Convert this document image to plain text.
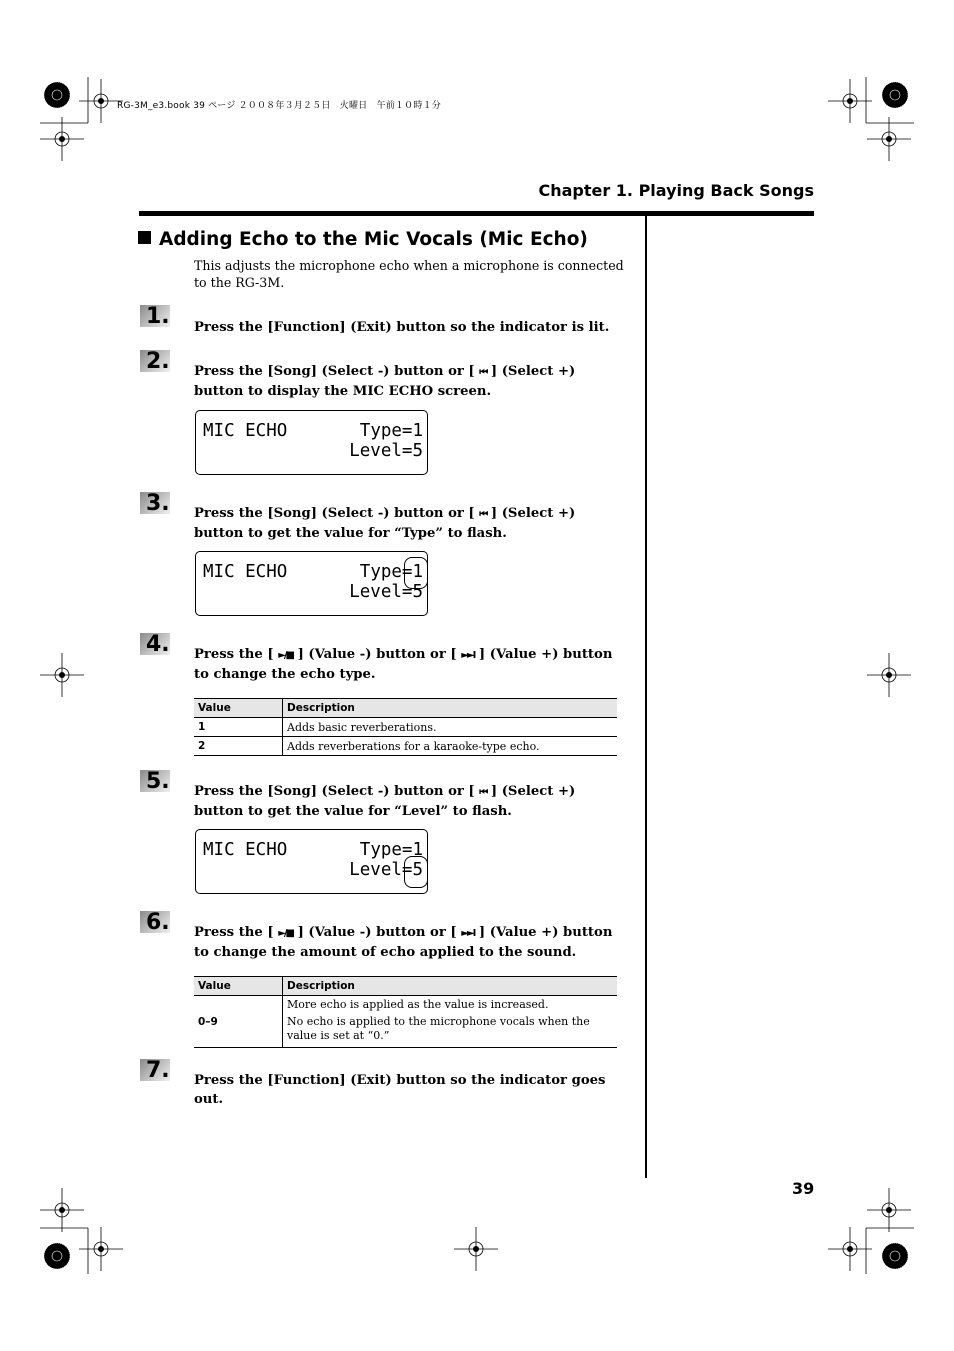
RG-3M_e3.book 39 ページ ２００８年３月２５日　火曜日　午前１０時１分
Chapter 1. Playing Back Songs
Adding Echo to the Mic Vocals (Mic Echo)
This adjusts the microphone echo when a microphone is connected to the RG-3M.
1. Press the [Function] (Exit) button so the indicator is lit.
2. Press the [Song] (Select -) button or [ ⏮ ] (Select +) button to display the MIC ECHO screen.
MIC ECHO	Type=1
Level=5
3. Press the [Song] (Select -) button or [ ⏮ ] (Select +) button to get the value for “Type” to flash.
MIC ECHO	Type=1
Level=5
4. Press the [ ►/■ ] (Value -) button or [ ►►I ] (Value +) button to change the echo type.
Value	Description
1	Adds basic reverberations.
2	Adds reverberations for a karaoke-type echo.
5. Press the [Song] (Select -) button or [ ⏮ ] (Select +) button to get the value for “Level” to flash.
MIC ECHO	Type=1
Level=5
6. Press the [ ►/■ ] (Value -) button or [ ►►I ] (Value +) button to change the amount of echo applied to the sound.
Value	Description
0–9	More echo is applied as the value is increased.
No echo is applied to the microphone vocals when the value is set at “0.”
7. Press the [Function] (Exit) button so the indicator goes out.
39
